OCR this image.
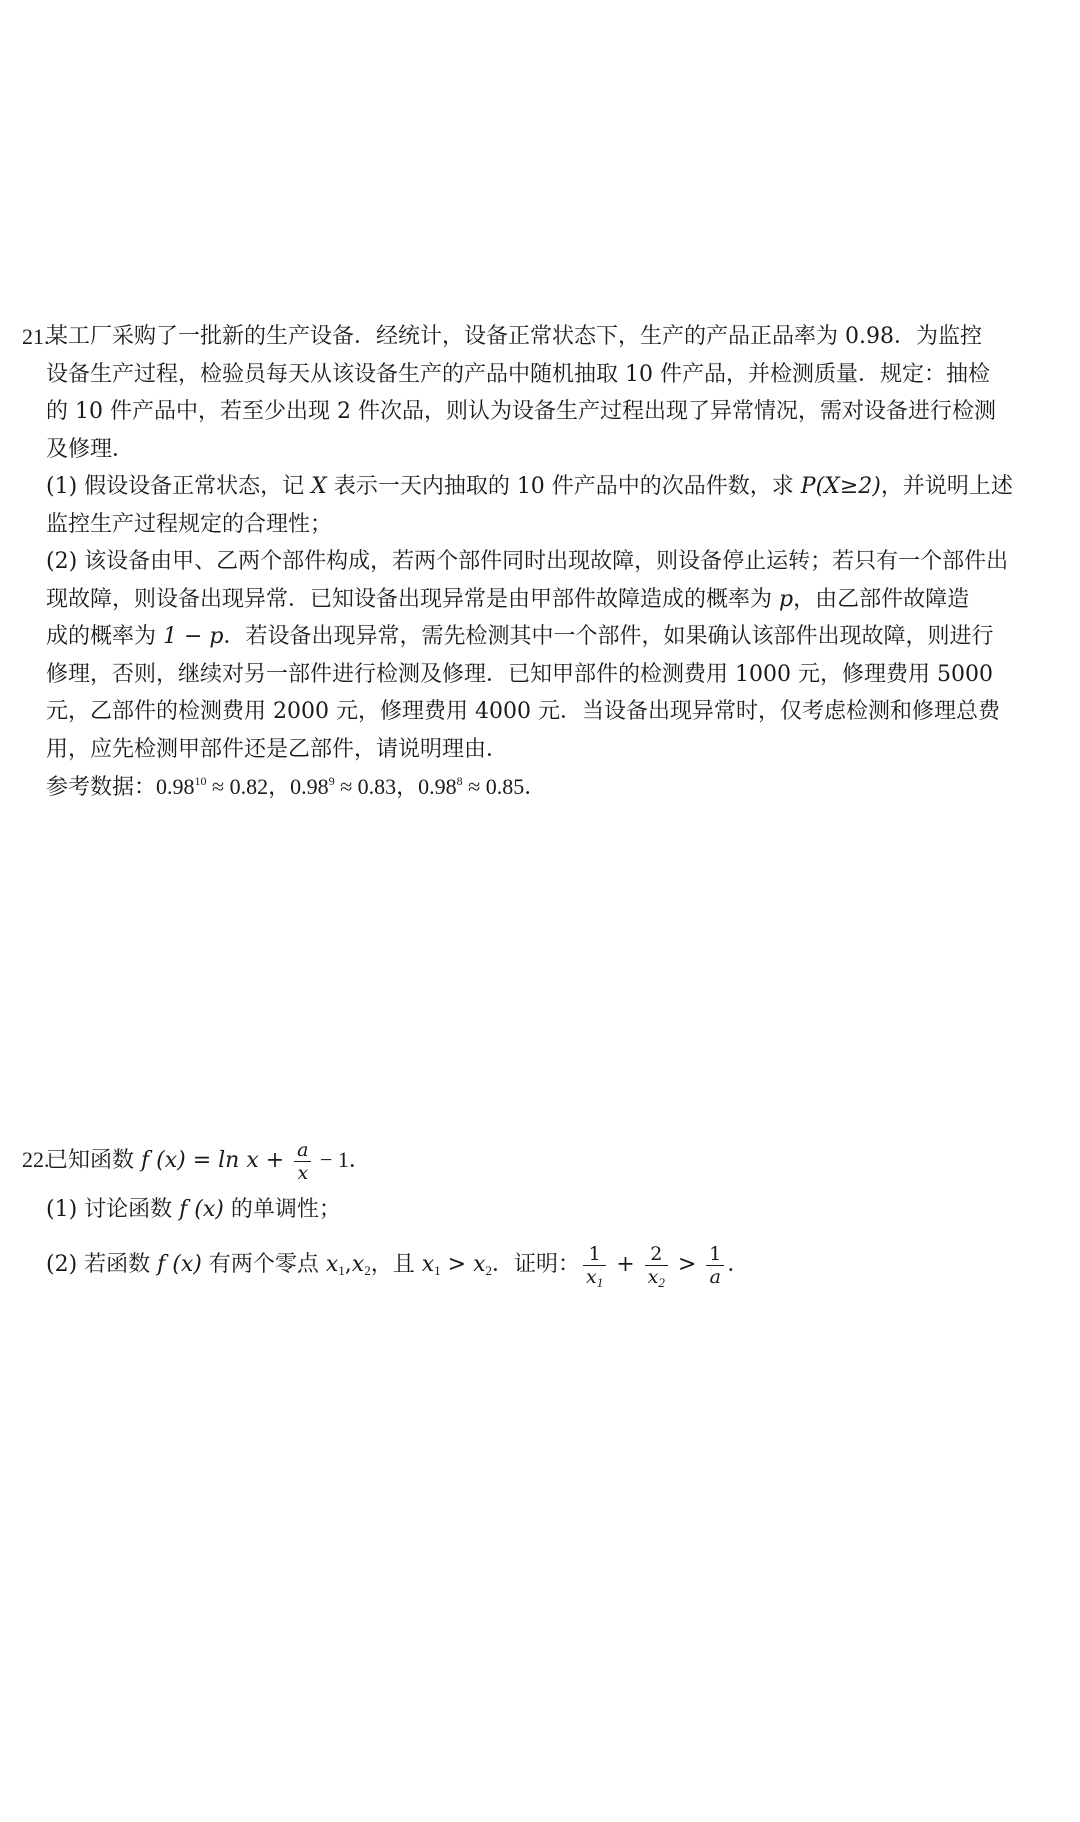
21.
某工厂采购了一批新的生产设备．经统计，设备正常状态下，生产的产品正品率为 0.98．为监控
设备生产过程，检验员每天从该设备生产的产品中随机抽取 10 件产品，并检测质量．规定：抽检
的 10 件产品中，若至少出现 2 件次品，则认为设备生产过程出现了异常情况，需对设备进行检测
及修理．
(1) 假设设备正常状态，记 X 表示一天内抽取的 10 件产品中的次品件数，求 P(X≥2)，并说明上述
监控生产过程规定的合理性；
(2) 该设备由甲、乙两个部件构成，若两个部件同时出现故障，则设备停止运转；若只有一个部件出
现故障，则设备出现异常．已知设备出现异常是由甲部件故障造成的概率为 p，由乙部件故障造
成的概率为 1 − p．若设备出现异常，需先检测其中一个部件，如果确认该部件出现故障，则进行
修理，否则，继续对另一部件进行检测及修理．已知甲部件的检测费用 1000 元，修理费用 5000
元，乙部件的检测费用 2000 元，修理费用 4000 元．当设备出现异常时，仅考虑检测和修理总费
用，应先检测甲部件还是乙部件，请说明理由．
参考数据：$0.98^{10} \approx 0.82$，$0.98^9 \approx 0.83$，$0.98^8 \approx 0.85$．
22.
已知函数 f $(x) = \ln x + \frac{a}{x} - 1$．
(1) 讨论函数 f (x) 的单调性；
(2) 若函数 f (x) 有两个零点 $x_1,x_2$，且 $x_1 > x_2$．证明： $\frac{1}{x_1} + \frac{2}{x_2} > \frac{1}{a}$ ．
